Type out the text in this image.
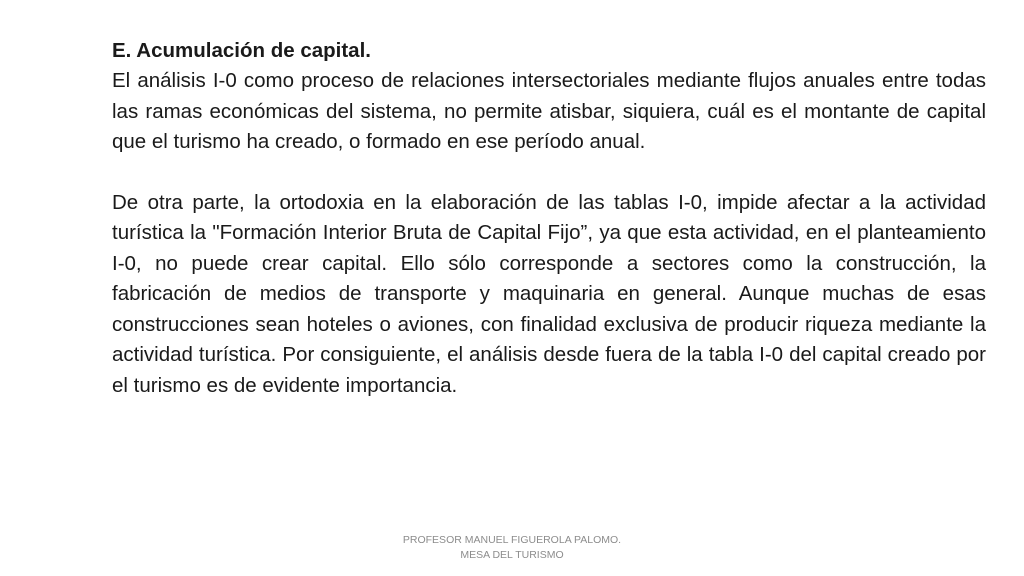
E. Acumulación de capital.

El análisis I-0 como proceso de relaciones intersectoriales mediante flujos anuales entre todas las ramas económicas del sistema, no permite atisbar, siquiera, cuál es el montante de capital que el turismo ha creado, o formado en ese período anual.

De otra parte, la ortodoxia en la elaboración de las tablas I-0, impide afectar a la actividad turística la "Formación Interior Bruta de Capital Fijo”, ya que esta actividad, en el planteamiento I-0, no puede crear capital. Ello sólo corresponde a sectores como la construcción, la fabricación de medios de transporte y maquinaria en general. Aunque muchas de esas construcciones sean hoteles o aviones, con finalidad exclusiva de producir riqueza mediante la actividad turística. Por consiguiente, el análisis desde fuera de la tabla I-0 del capital creado por el turismo es de evidente importancia.

PROFESOR MANUEL FIGUEROLA PALOMO.
MESA DEL TURISMO
